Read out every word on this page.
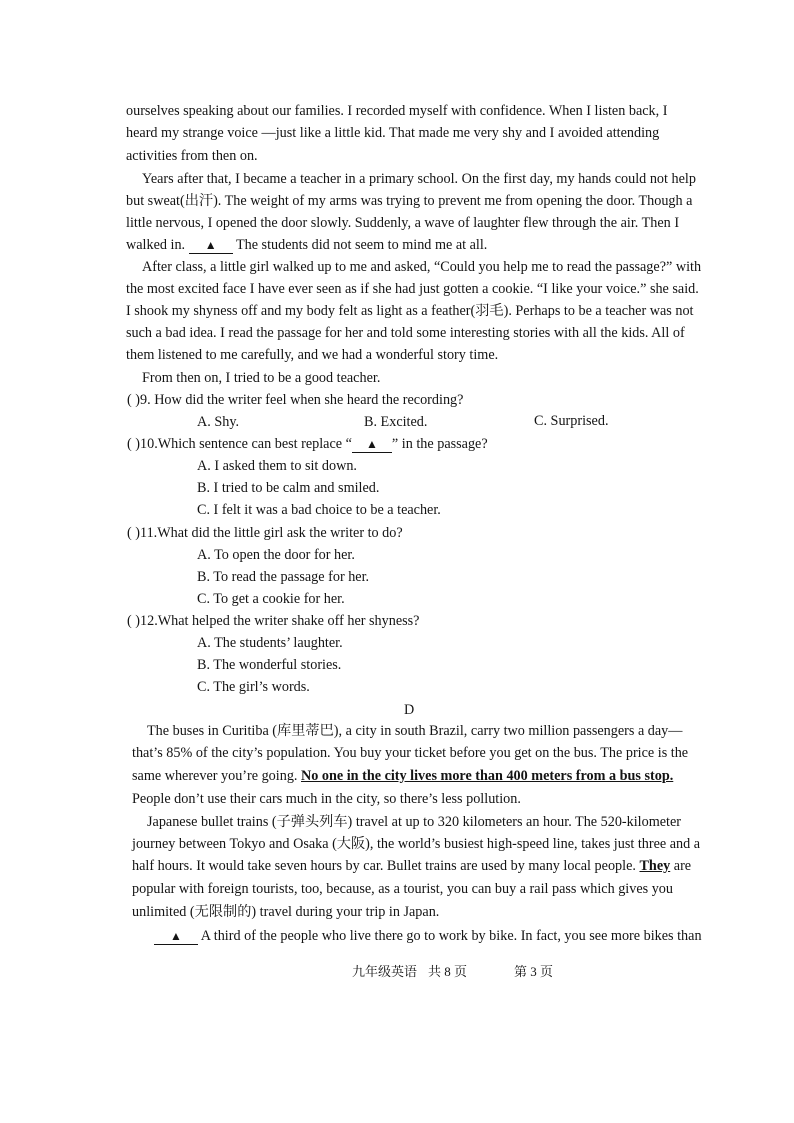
ourselves speaking about our families. I recorded myself with confidence. When I listen back, I
heard my strange voice —just like a little kid. That made me very shy and I avoided attending
activities from then on.
Years after that, I became a teacher in a primary school. On the first day, my hands could not help
but sweat(出汗). The weight of my arms was trying to prevent me from opening the door. Though a
little nervous, I opened the door slowly. Suddenly, a wave of laughter flew through the air. Then I
walked in. ▲ The students did not seem to mind me at all.
After class, a little girl walked up to me and asked, “Could you help me to read the passage?” with
the most excited face I have ever seen as if she had just gotten a cookie. “I like your voice.” she said.
I shook my shyness off and my body felt as light as a feather(羽毛). Perhaps to be a teacher was not
such a bad idea. I read the passage for her and told some interesting stories with all the kids. All of
them listened to me carefully, and we had a wonderful story time.
From then on, I tried to be a good teacher.
( )9. How did the writer feel when she heard the recording?
A. Shy.	B. Excited.	C. Surprised.
( )10.Which sentence can best replace “ ▲ ” in the passage?
A. I asked them to sit down.
B. I tried to be calm and smiled.
C. I felt it was a bad choice to be a teacher.
( )11.What did the little girl ask the writer to do?
A. To open the door for her.
B. To read the passage for her.
C. To get a cookie for her.
( )12.What helped the writer shake off her shyness?
A. The students’ laughter.
B. The wonderful stories.
C. The girl’s words.
D
The buses in Curitiba (库里蒂巴), a city in south Brazil, carry two million passengers a day—
that’s 85% of the city’s population. You buy your ticket before you get on the bus. The price is the
same wherever you’re going. No one in the city lives more than 400 meters from a bus stop.
People don’t use their cars much in the city, so there’s less pollution.
Japanese bullet trains (子弹头列车) travel at up to 320 kilometers an hour. The 520-kilometer
journey between Tokyo and Osaka (大阪), the world’s busiest high-speed line, takes just three and a
half hours. It would take seven hours by car. Bullet trains are used by many local people. They are
popular with foreign tourists, too, because, as a tourist, you can buy a rail pass which gives you
unlimited (无限制的) travel during your trip in Japan.
▲ A third of the people who live there go to work by bike. In fact, you see more bikes than
九年级英语 共 8 页	第 3 页
